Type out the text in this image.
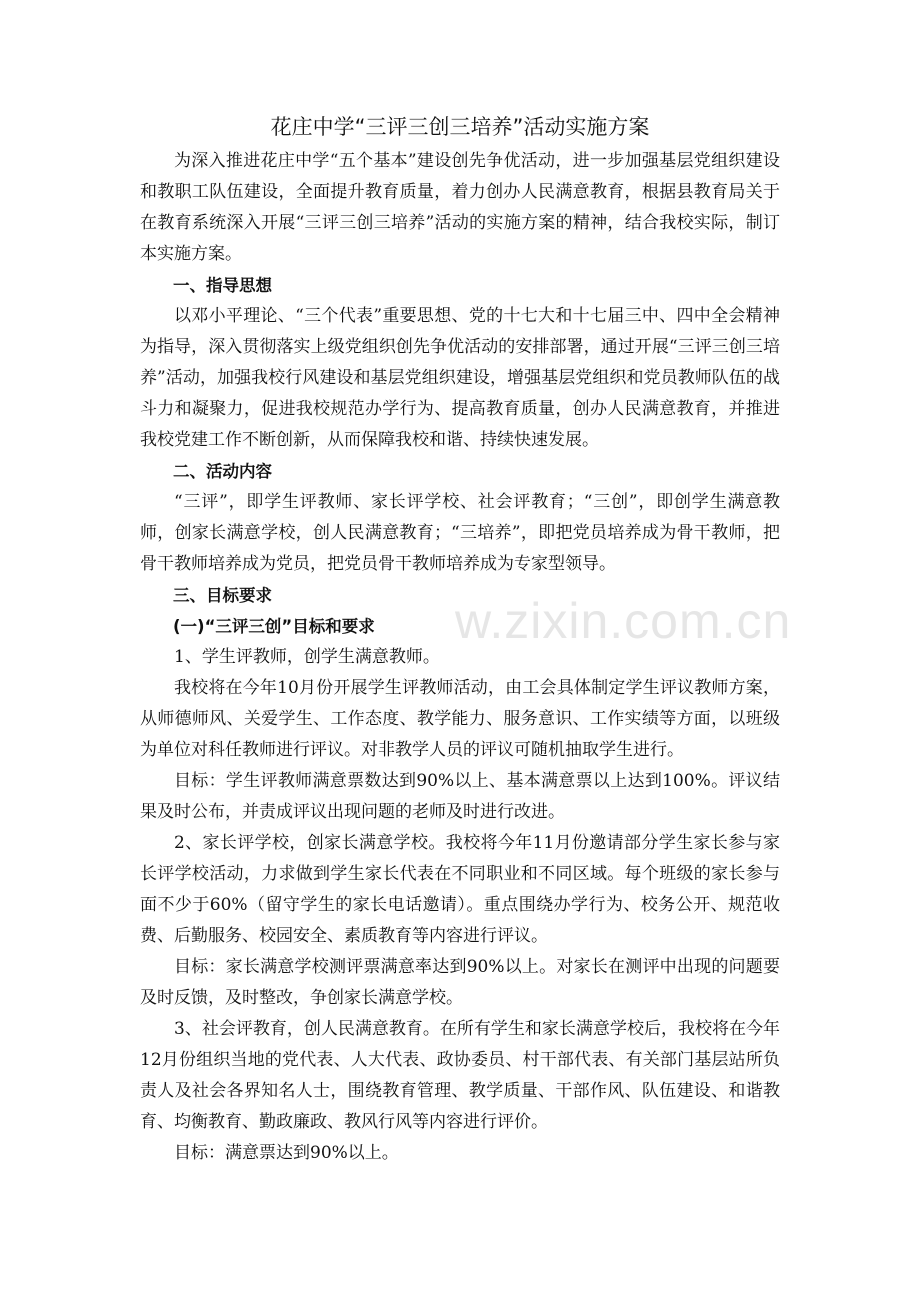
花庄中学“三评三创三培养”活动实施方案

为深入推进花庄中学“五个基本”建设创先争优活动，进一步加强基层党组织建设和教职工队伍建设，全面提升教育质量，着力创办人民满意教育，根据县教育局关于在教育系统深入开展“三评三创三培养”活动的实施方案的精神，结合我校实际，制订本实施方案。

一、指导思想

以邓小平理论、“三个代表”重要思想、党的十七大和十七届三中、四中全会精神为指导，深入贯彻落实上级党组织创先争优活动的安排部署，通过开展“三评三创三培养”活动，加强我校行风建设和基层党组织建设，增强基层党组织和党员教师队伍的战斗力和凝聚力，促进我校规范办学行为、提高教育质量，创办人民满意教育，并推进我校党建工作不断创新，从而保障我校和谐、持续快速发展。

二、活动内容

“三评”，即学生评教师、家长评学校、社会评教育；“三创”，即创学生满意教师，创家长满意学校，创人民满意教育；“三培养”，即把党员培养成为骨干教师，把骨干教师培养成为党员，把党员骨干教师培养成为专家型领导。

三、目标要求

(一)“三评三创”目标和要求

1、学生评教师，创学生满意教师。

我校将在今年10月份开展学生评教师活动，由工会具体制定学生评议教师方案，从师德师风、关爱学生、工作态度、教学能力、服务意识、工作实绩等方面，以班级为单位对科任教师进行评议。对非教学人员的评议可随机抽取学生进行。

目标：学生评教师满意票数达到90%以上、基本满意票以上达到100%。评议结果及时公布，并责成评议出现问题的老师及时进行改进。

2、家长评学校，创家长满意学校。我校将今年11月份邀请部分学生家长参与家长评学校活动，力求做到学生家长代表在不同职业和不同区域。每个班级的家长参与面不少于60%（留守学生的家长电话邀请）。重点围绕办学行为、校务公开、规范收费、后勤服务、校园安全、素质教育等内容进行评议。

目标：家长满意学校测评票满意率达到90%以上。对家长在测评中出现的问题要及时反馈，及时整改，争创家长满意学校。

3、社会评教育，创人民满意教育。在所有学生和家长满意学校后，我校将在今年12月份组织当地的党代表、人大代表、政协委员、村干部代表、有关部门基层站所负责人及社会各界知名人士，围绕教育管理、教学质量、干部作风、队伍建设、和谐教育、均衡教育、勤政廉政、教风行风等内容进行评价。

目标：满意票达到90%以上。

w.zixin.com.cn
